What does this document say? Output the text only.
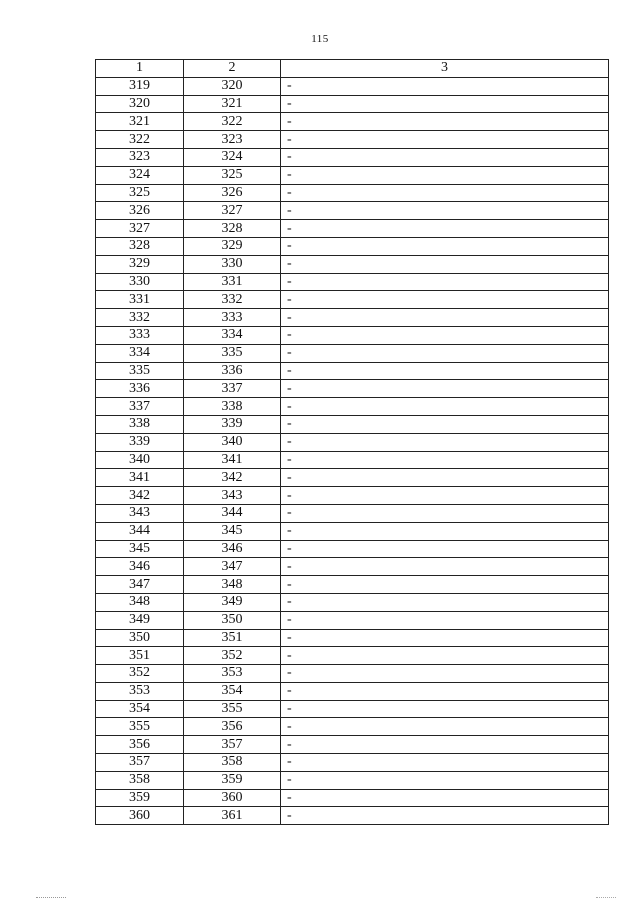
115
1	2	3
319	320	-
320	321	-
321	322	-
322	323	-
323	324	-
324	325	-
325	326	-
326	327	-
327	328	-
328	329	-
329	330	-
330	331	-
331	332	-
332	333	-
333	334	-
334	335	-
335	336	-
336	337	-
337	338	-
338	339	-
339	340	-
340	341	-
341	342	-
342	343	-
343	344	-
344	345	-
345	346	-
346	347	-
347	348	-
348	349	-
349	350	-
350	351	-
351	352	-
352	353	-
353	354	-
354	355	-
355	356	-
356	357	-
357	358	-
358	359	-
359	360	-
360	361	-
